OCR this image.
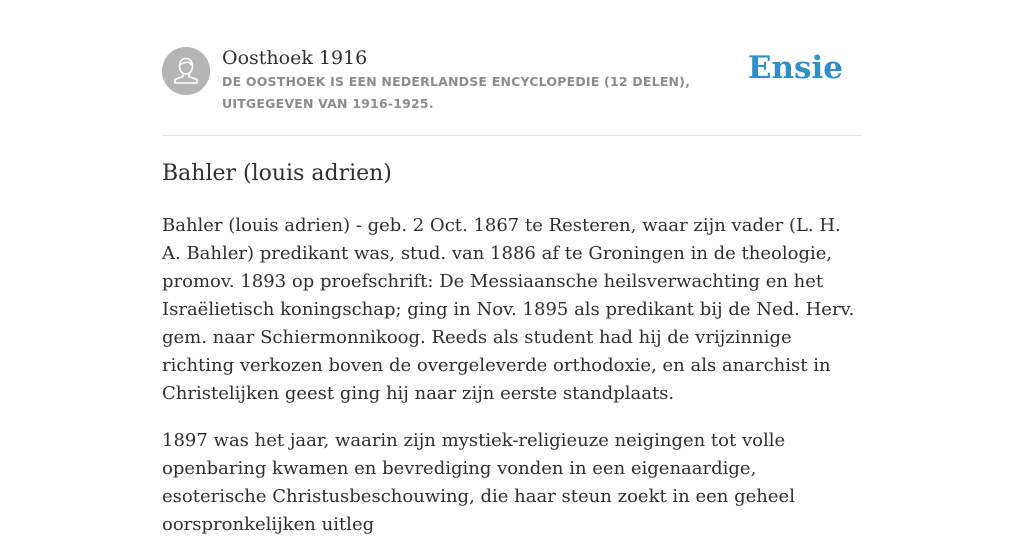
Oosthoek 1916

DE OOSTHOEK IS EEN NEDERLANDSE ENCYCLOPEDIE (12 DELEN), UITGEGEVEN VAN 1916-1925.

Ensie
Bahler (louis adrien)

Bahler (louis adrien) - geb. 2 Oct. 1867 te Resteren, waar zijn vader (L. H. A. Bahler) predikant was, stud. van 1886 af te Groningen in de theologie, promov. 1893 op proefschrift: De Messiaansche heilsverwachting en het Israëlietisch koningschap; ging in Nov. 1895 als predikant bij de Ned. Herv. gem. naar Schiermonnikoog. Reeds als student had hij de vrijzinnige richting verkozen boven de overgeleverde orthodoxie, en als anarchist in Christelijken geest ging hij naar zijn eerste standplaats.

1897 was het jaar, waarin zijn mystiek-religieuze neigingen tot volle openbaring kwamen en bevrediging vonden in een eigenaardige, esoterische Christusbeschouwing, die haar steun zoekt in een geheel oorspronkelijken uitleg
